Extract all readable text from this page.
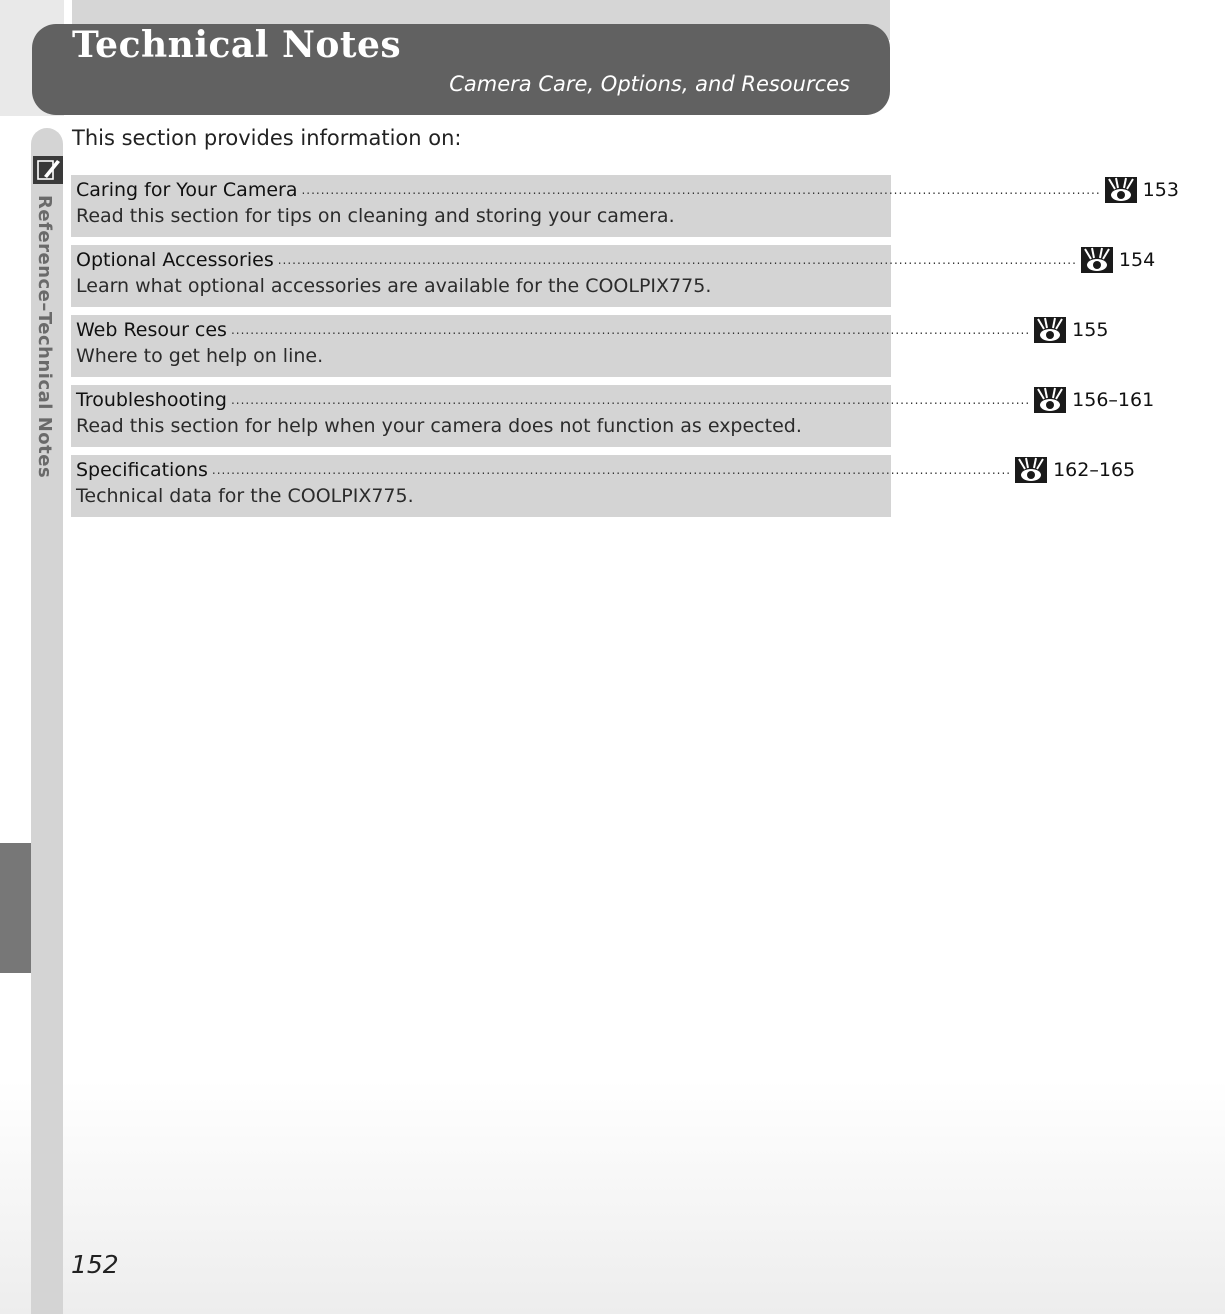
Technical Notes
Camera Care, Options, and Resources
Reference–Technical Notes
This section provides information on:
Caring for Your Camera ......................................................................................................................................................................	153
Read this section for tips on cleaning and storing your camera.
Optional Accessories ......................................................................................................................................................................	154
Learn what optional accessories are available for the COOLPIX775.
Web Resour ces ......................................................................................................................................................................	155
Where to get help on line.
Troubleshooting ......................................................................................................................................................................	156–161
Read this section for help when your camera does not function as expected.
Specifications ......................................................................................................................................................................	162–165
Technical data for the COOLPIX775.
152
